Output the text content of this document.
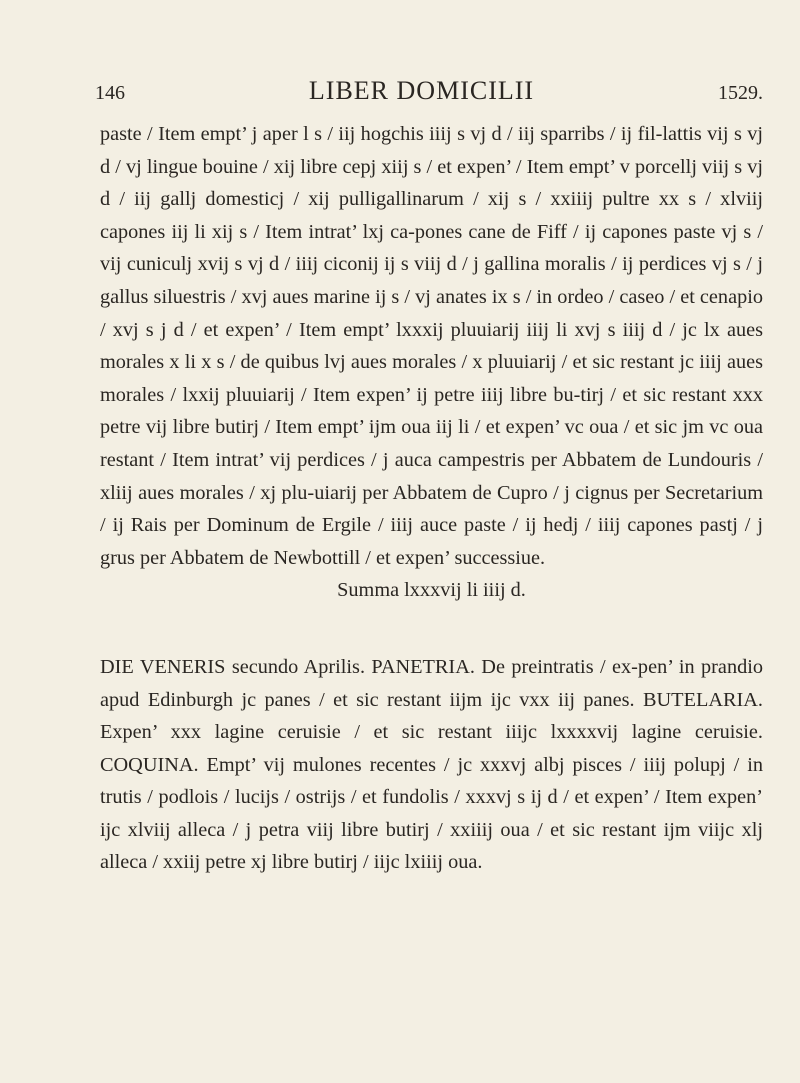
146	LIBER DOMICILII	1529.

paste / Item empt’ j aper l s / iij hogchis iiij s vj d / iij sparribs / ij fil-lattis vij s vj d / vj lingue bouine / xij libre cepj xiij s / et expen’ / Item empt’ v porcellj viij s vj d / iij gallj domesticj / xij pulligallinarum / xij s / xxiiij pultre xx s / xlviij capones iij li xij s / Item intrat’ lxj ca-pones cane de Fiff / ij capones paste vj s / vij cuniculj xvij s vj d / iiij ciconij ij s viij d / j gallina moralis / ij perdices vj s / j gallus siluestris / xvj aues marine ij s / vj anates ix s / in ordeo / caseo / et cenapio / xvj s j d / et expen’ / Item empt’ lxxxij pluuiarij iiij li xvj s iiij d / jc lx aues morales x li x s / de quibus lvj aues morales / x pluuiarij / et sic restant jc iiij aues morales / lxxij pluuiarij / Item expen’ ij petre iiij libre bu-tirj / et sic restant xxx petre vij libre butirj / Item empt’ ijm oua iij li / et expen’ vc oua / et sic jm vc oua restant / Item intrat’ vij perdices / j auca campestris per Abbatem de Lundouris / xliij aues morales / xj plu-uiarij per Abbatem de Cupro / j cignus per Secretarium / ij Rais per Dominum de Ergile / iiij auce paste / ij hedj / iiij capones pastj / j grus per Abbatem de Newbottill / et expen’ successiue.

Summa lxxxvij li iiij d.

DIE VENERIS secundo Aprilis. PANETRIA. De preintratis / ex-pen’ in prandio apud Edinburgh jc panes / et sic restant iijm ijc vxx iij panes. BUTELARIA. Expen’ xxx lagine ceruisie / et sic restant iiijc lxxxxvij lagine ceruisie. COQUINA. Empt’ vij mulones recentes / jc xxxvj albj pisces / iiij polupj / in trutis / podlois / lucijs / ostrijs / et fundolis / xxxvj s ij d / et expen’ / Item expen’ ijc xlviij alleca / j petra viij libre butirj / xxiiij oua / et sic restant ijm viijc xlj alleca / xxiij petre xj libre butirj / iijc lxiiij oua.
